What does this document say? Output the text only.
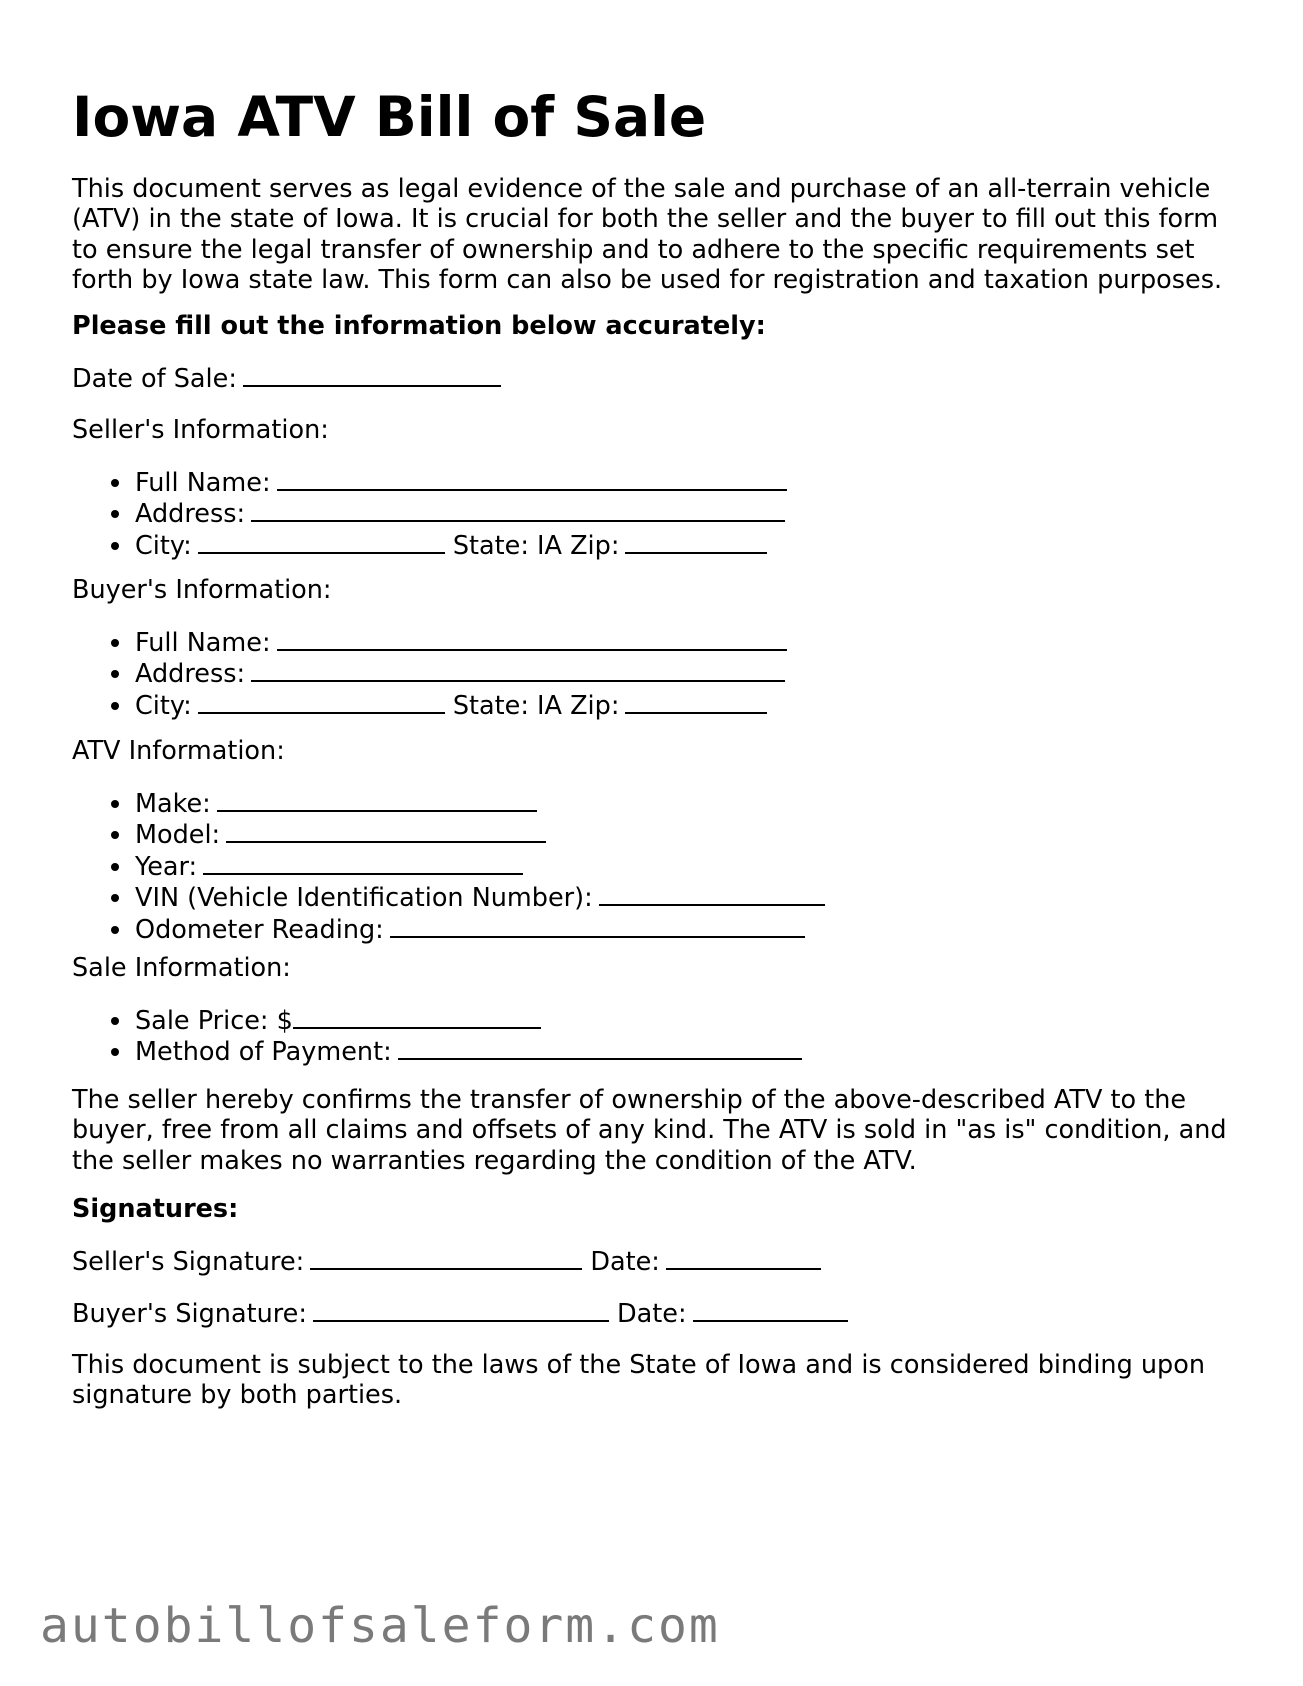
Iowa ATV Bill of Sale
This document serves as legal evidence of the sale and purchase of an all-terrain vehicle (ATV) in the state of Iowa. It is crucial for both the seller and the buyer to fill out this form to ensure the legal transfer of ownership and to adhere to the specific requirements set forth by Iowa state law. This form can also be used for registration and taxation purposes.
Please fill out the information below accurately:
Date of Sale:
Seller's Information:
Full Name:
Address:
City:	State: IA Zip:
Buyer's Information:
Full Name:
Address:
City:	State: IA Zip:
ATV Information:
Make:
Model:
Year:
VIN (Vehicle Identification Number):
Odometer Reading:
Sale Information:
Sale Price: $
Method of Payment:
The seller hereby confirms the transfer of ownership of the above-described ATV to the buyer, free from all claims and offsets of any kind. The ATV is sold in "as is" condition, and the seller makes no warranties regarding the condition of the ATV.
Signatures:
Seller's Signature:	Date:
Buyer's Signature:	Date:
This document is subject to the laws of the State of Iowa and is considered binding upon signature by both parties.
autobillofsaleform.com
